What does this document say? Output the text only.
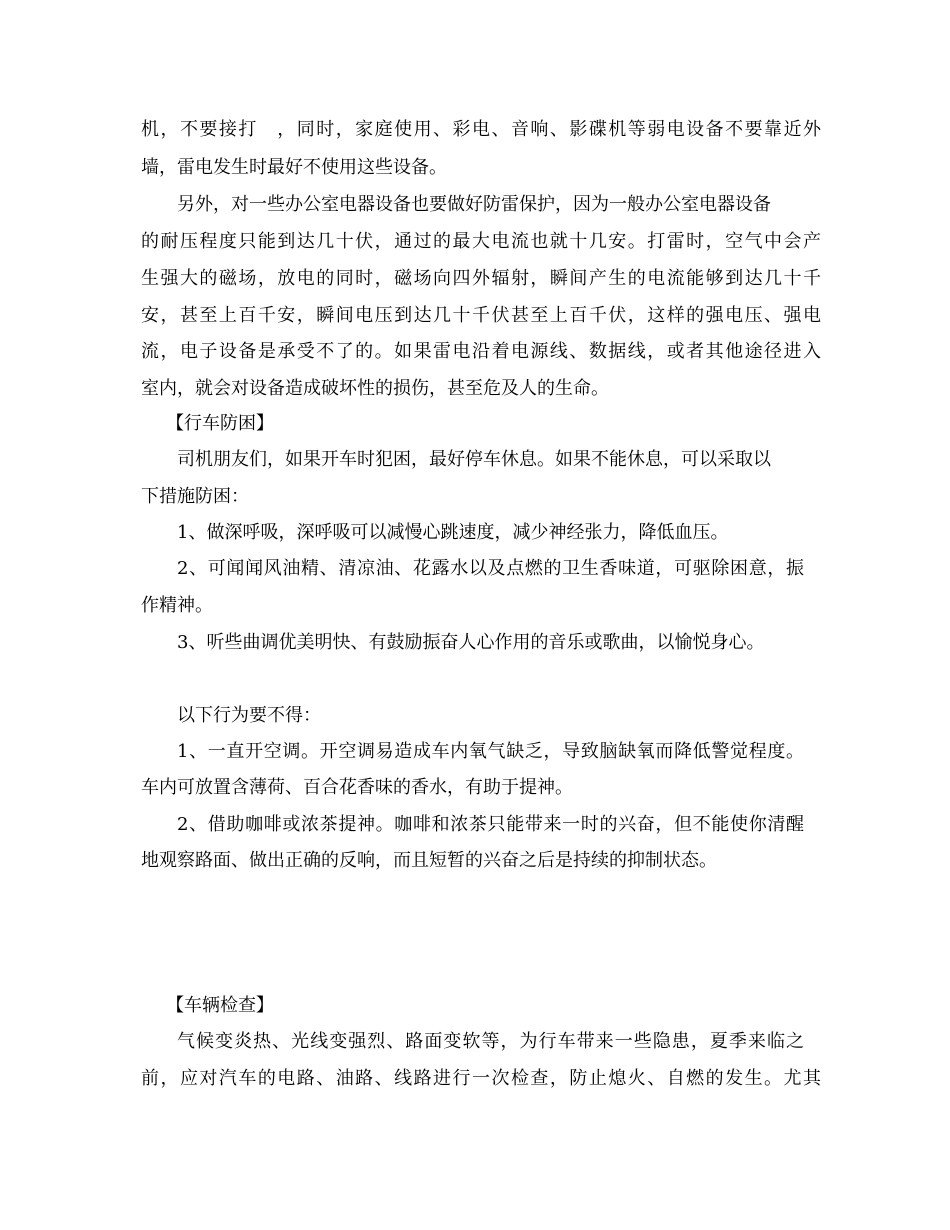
机，不要接打　，同时，家庭使用、彩电、音响、影碟机等弱电设备不要靠近外
墙，雷电发生时最好不使用这些设备。
另外，对一些办公室电器设备也要做好防雷保护，因为一般办公室电器设备
的耐压程度只能到达几十伏，通过的最大电流也就十几安。打雷时，空气中会产
生强大的磁场，放电的同时，磁场向四外辐射，瞬间产生的电流能够到达几十千
安，甚至上百千安，瞬间电压到达几十千伏甚至上百千伏，这样的强电压、强电
流，电子设备是承受不了的。如果雷电沿着电源线、数据线，或者其他途径进入
室内，就会对设备造成破坏性的损伤，甚至危及人的生命。
【行车防困】
司机朋友们，如果开车时犯困，最好停车休息。如果不能休息，可以采取以
下措施防困：
1、做深呼吸，深呼吸可以减慢心跳速度，减少神经张力，降低血压。
2、可闻闻风油精、清凉油、花露水以及点燃的卫生香味道，可驱除困意，振
作精神。
3、听些曲调优美明快、有鼓励振奋人心作用的音乐或歌曲，以愉悦身心。
以下行为要不得：
1、一直开空调。开空调易造成车内氧气缺乏，导致脑缺氧而降低警觉程度。
车内可放置含薄荷、百合花香味的香水，有助于提神。
2、借助咖啡或浓茶提神。咖啡和浓茶只能带来一时的兴奋，但不能使你清醒
地观察路面、做出正确的反响，而且短暂的兴奋之后是持续的抑制状态。
【车辆检查】
气候变炎热、光线变强烈、路面变软等，为行车带来一些隐患，夏季来临之
前，应对汽车的电路、油路、线路进行一次检查，防止熄火、自燃的发生。尤其
